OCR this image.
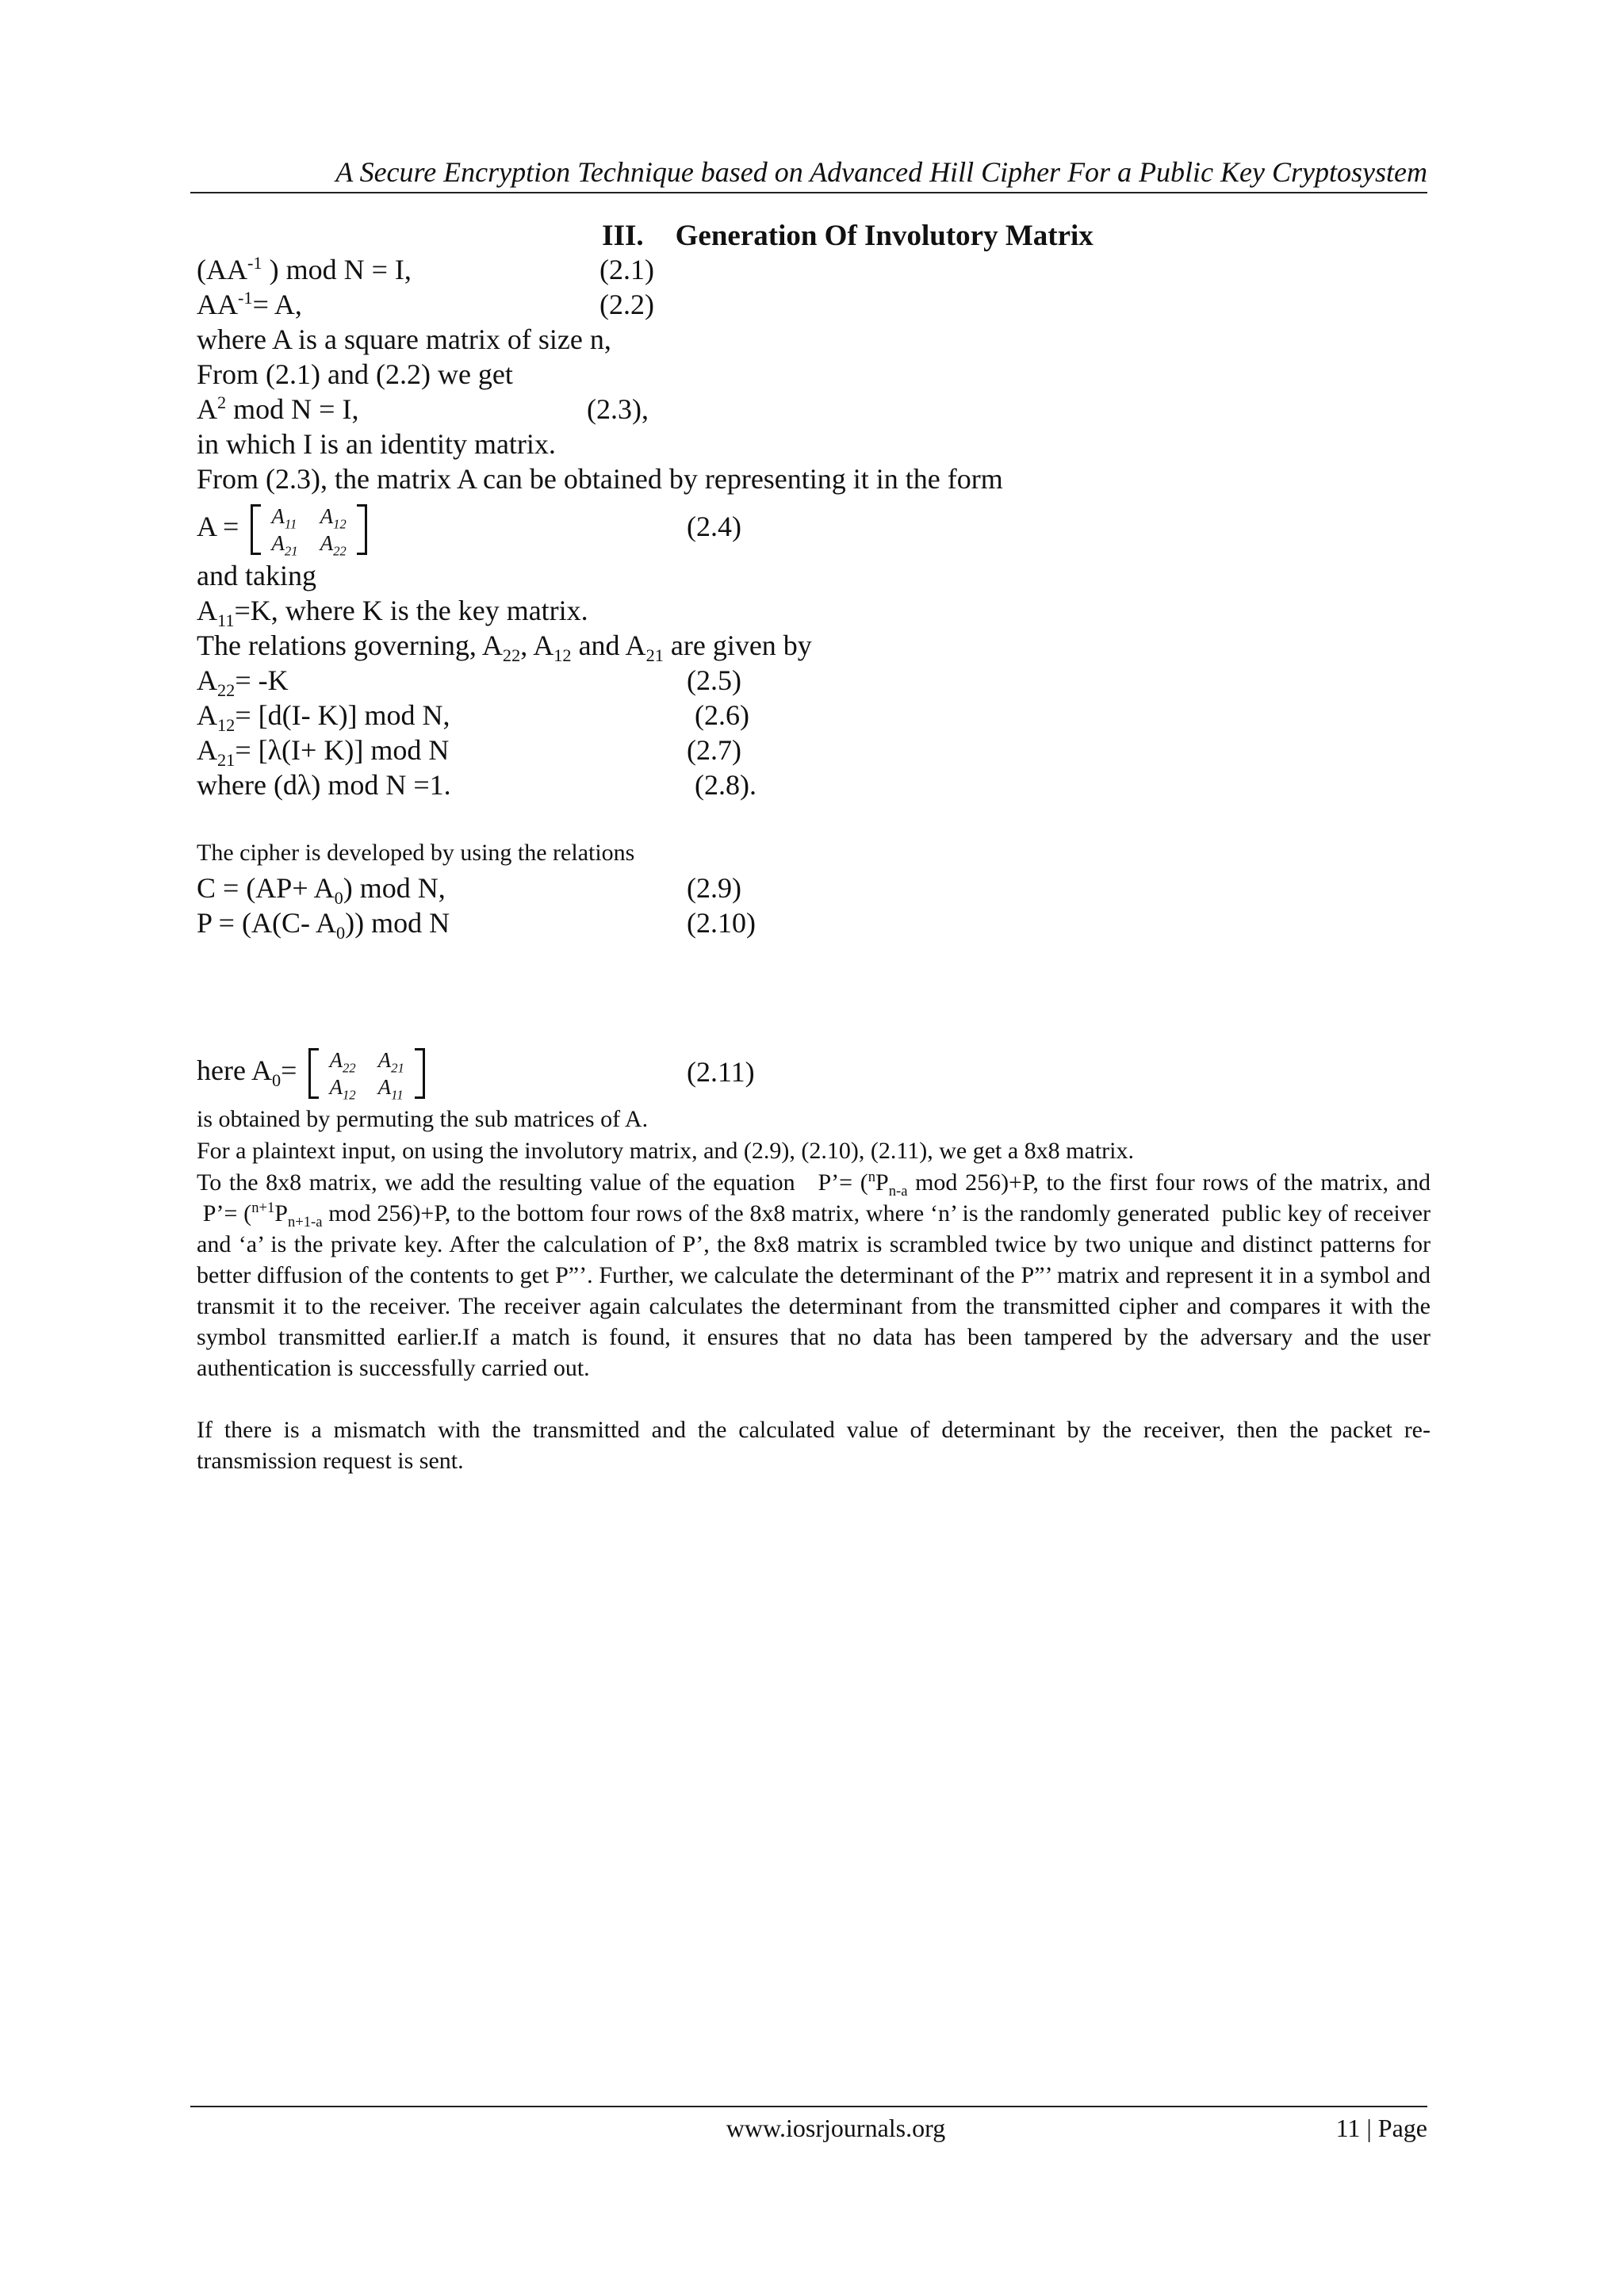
A Secure Encryption Technique based on Advanced Hill Cipher For a Public Key Cryptosystem
III. Generation Of Involutory Matrix
($AA^{-1}$ ) mod N = I,	(2.1)
$AA^{-1}= A$,	(2.2)
where A is a square matrix of size n,
From (2.1) and (2.2) we get
$A^2$ mod N = I,	(2.3),
in which I is an identity matrix.
From (2.3), the matrix A can be obtained by representing it in the form
$A = A_{11}$	$A_{12}$
$A_{21}$	$A_{22}$
(2.4)
and taking
$A_{11}=K$, where K is the key matrix.
The relations governing, $A_{22}$, $A_{12}$ and $A_{21}$ are given by
$A_{22}= -K$	(2.5)
$A_{12}= [d(I-$ K)] mod N,	(2.6)
$A_{21}= [\lambda(I+ K)]$ mod N	(2.7)
where (dλ) mod N =1.	(2.8).
The cipher is developed by using the relations
$C = (AP+ A_0)$ mod N,	(2.9)
P = (A(C- $A_0$)) mod N	(2.10)
here $A_0= A_{22}$	$A_{21}$
$A_{12}$	$A_{11}$
(2.11)
is obtained by permuting the sub matrices of A.
For a plaintext input, on using the involutory matrix, and (2.9), (2.10), (2.11), we get a 8x8 matrix.
To the 8x8 matrix, we add the resulting value of the equation   P’= ($^nP_{n-a}$ mod 256)+P, to the first four rows of the matrix, and  P’= ($^{n+1}P_{n+1-a}$ mod 256)+P, to the bottom four rows of the 8x8 matrix, where ‘n’ is the randomly generated  public key of receiver and ‘a’ is the private key. After the calculation of P’, the 8x8 matrix is scrambled twice by two unique and distinct patterns for better diffusion of the contents to get P”’. Further, we calculate the determinant of the P”’ matrix and represent it in a symbol and transmit it to the receiver. The receiver again calculates the determinant from the transmitted cipher and compares it with the symbol transmitted earlier.If a match is found, it ensures that no data has been tampered by the adversary and the user authentication is successfully carried out.
If there is a mismatch with the transmitted and the calculated value of determinant by the receiver, then the packet re-transmission request is sent.
www.iosrjournals.org	11 | Page
